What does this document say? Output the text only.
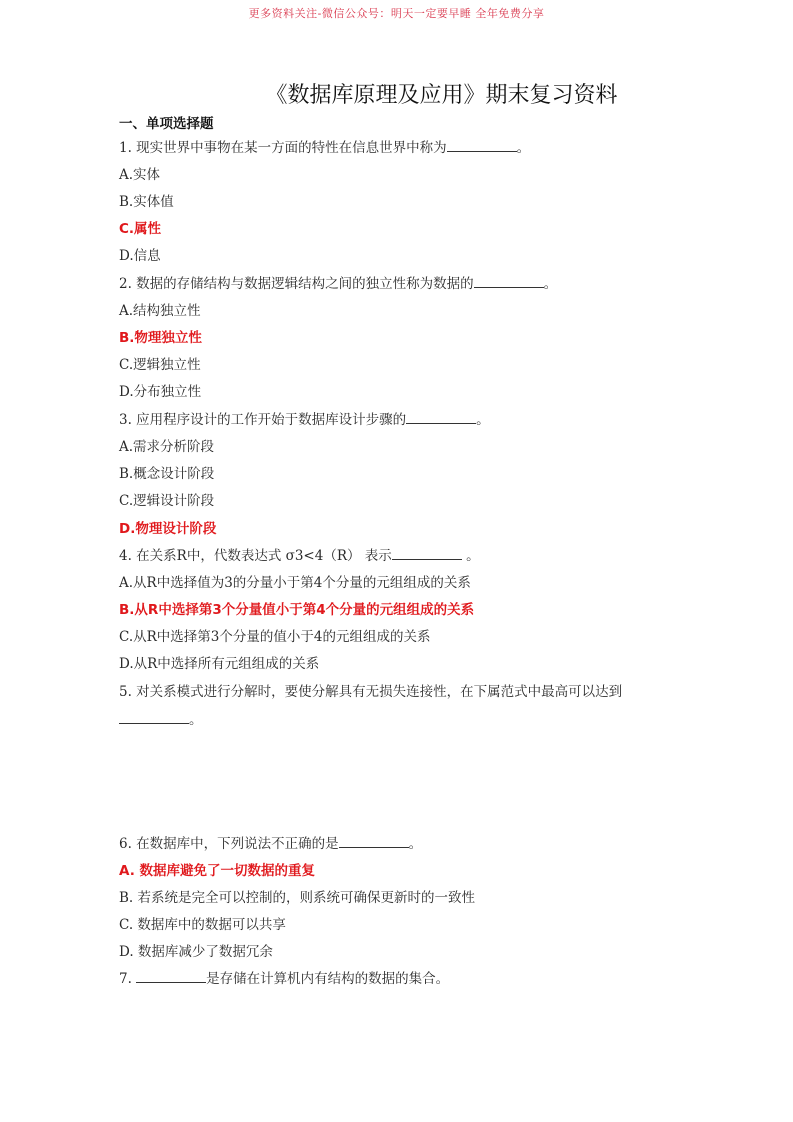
更多资料关注-微信公众号：明天一定要早睡 全年免费分享
《数据库原理及应用》期末复习资料
一、单项选择题
1. 现实世界中事物在某一方面的特性在信息世界中称为	。
A.实体
B.实体值
C.属性
D.信息
2. 数据的存储结构与数据逻辑结构之间的独立性称为数据的	。
A.结构独立性
B.物理独立性
C.逻辑独立性
D.分布独立性
3. 应用程序设计的工作开始于数据库设计步骤的	。
A.需求分析阶段
B.概念设计阶段
C.逻辑设计阶段
D.物理设计阶段
4. 在关系R中，代数表达式 σ3<4（R） 表示	。
A.从R中选择值为3的分量小于第4个分量的元组组成的关系
B.从R中选择第3个分量值小于第4个分量的元组组成的关系
C.从R中选择第3个分量的值小于4的元组组成的关系
D.从R中选择所有元组组成的关系
5. 对关系模式进行分解时，要使分解具有无损失连接性，在下属范式中最高可以达到
。
6. 在数据库中，下列说法不正确的是	。
A. 数据库避免了一切数据的重复
B. 若系统是完全可以控制的，则系统可确保更新时的一致性
C. 数据库中的数据可以共享
D. 数据库减少了数据冗余
7.	是存储在计算机内有结构的数据的集合。
